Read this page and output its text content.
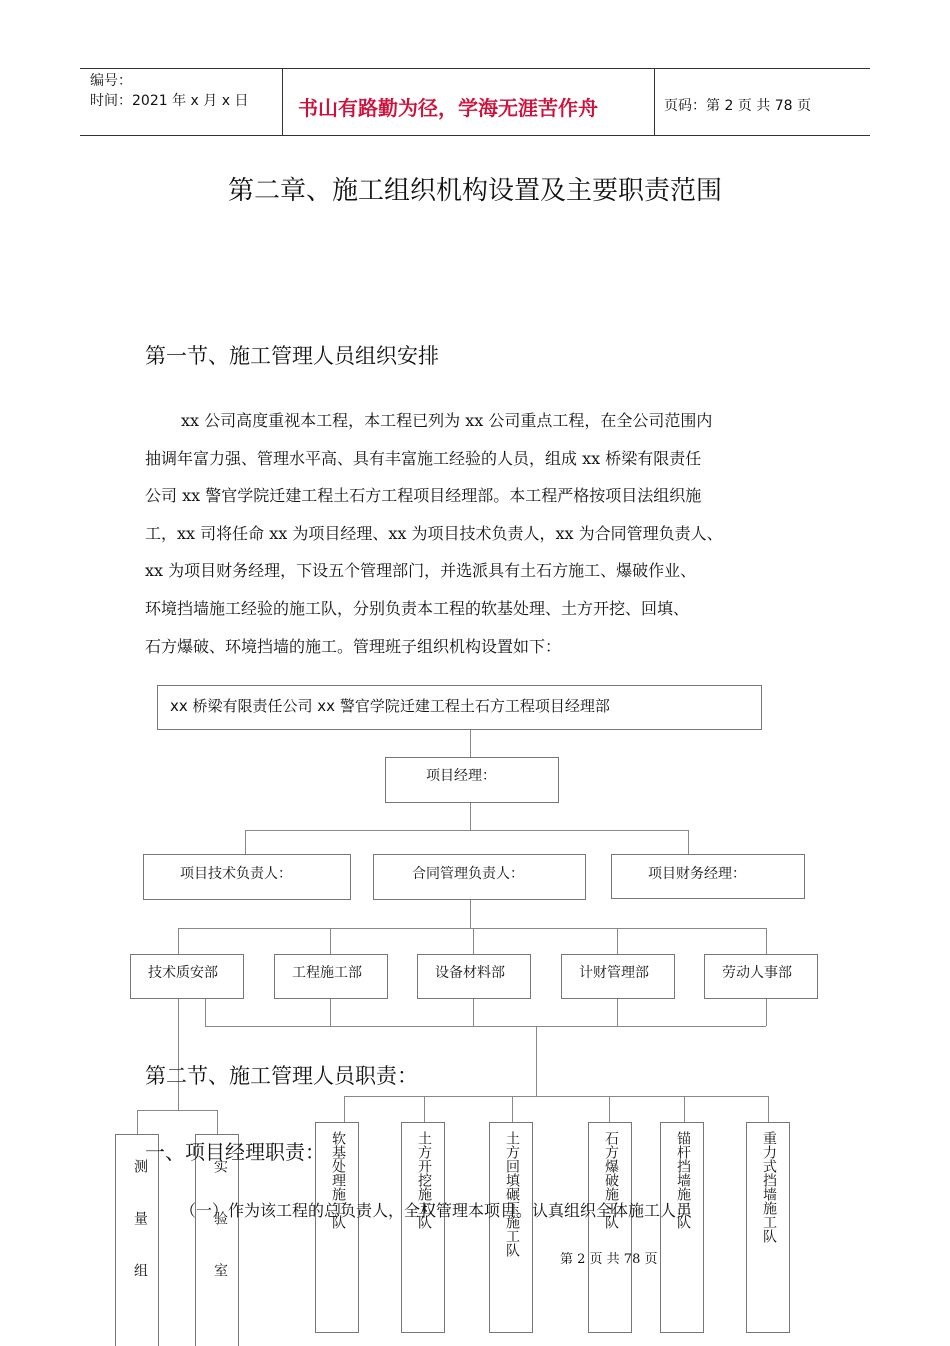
编号：
时间：2021 年 x 月 x 日 书山有路勤为径，学海无涯苦作舟	页码：第 2 页 共 78 页
第二章、施工组织机构设置及主要职责范围
第一节、施工管理人员组织安排
xx 公司高度重视本工程，本工程已列为 xx 公司重点工程，在全公司范围内
抽调年富力强、管理水平高、具有丰富施工经验的人员，组成 xx 桥梁有限责任
公司 xx 警官学院迁建工程土石方工程项目经理部。本工程严格按项目法组织施
工，xx 司将任命 xx 为项目经理、xx 为项目技术负责人，xx 为合同管理负责人、
xx 为项目财务经理，下设五个管理部门，并选派具有土石方施工、爆破作业、
环境挡墙施工经验的施工队，分别负责本工程的软基处理、土方开挖、回填、
石方爆破、环境挡墙的施工。管理班子组织机构设置如下：
xx 桥梁有限责任公司 xx 警官学院迁建工程土石方工程项目经理部
项目经理：
项目技术负责人：	合同管理负责人：	项目财务经理：
技术质安部	工程施工部	设备材料部	计财管理部	劳动人事部
测量组	实验室	软基处理施工队	土方开挖施工队	土方回填碾压施工队	石方爆破施工队	锚杆挡墙施工队	重力式挡墙施工队
第二节、施工管理人员职责：
一、项目经理职责：
（一）作为该工程的总负责人，全权管理本项目。认真组织全体施工人员
第 2 页 共 78 页
